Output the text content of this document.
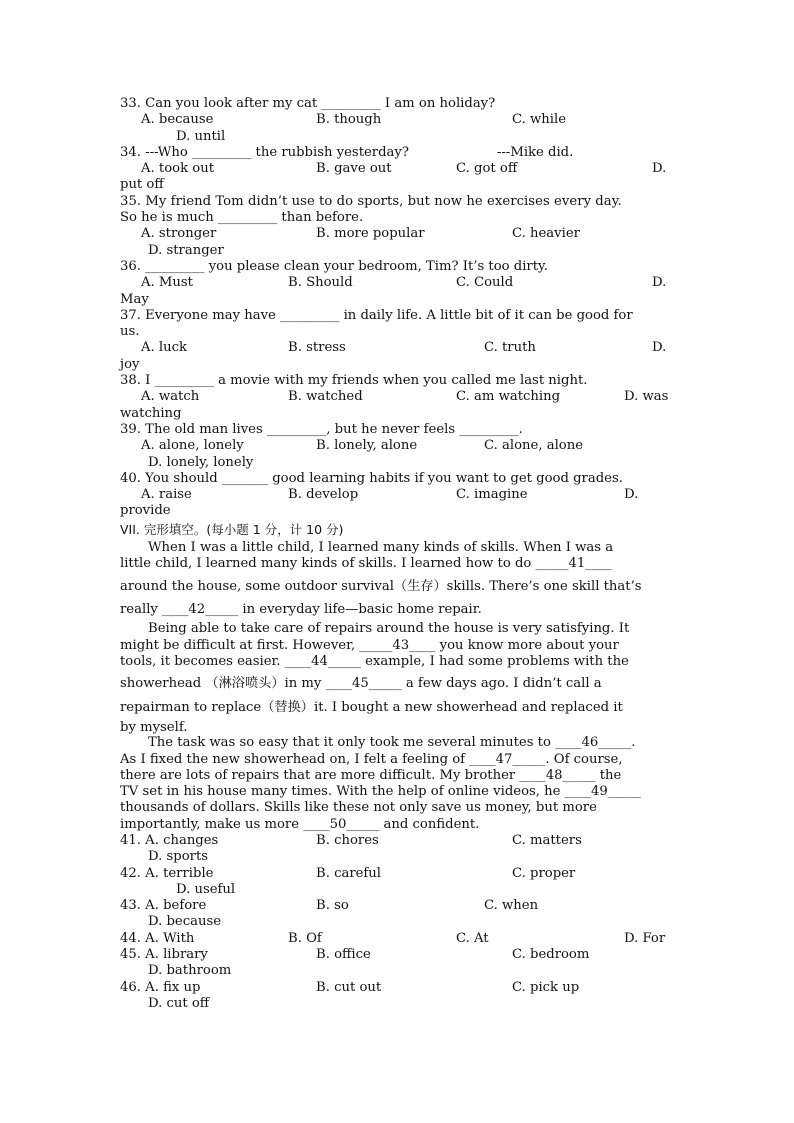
33. Can you look after my cat _________ I am on holiday?
A. because	B. though	C. while
D. until
34. ---Who _________ the rubbish yesterday?                     ---Mike did.
A. took out	B. gave out	C. got off	D.
put off
35. My friend Tom didn’t use to do sports, but now he exercises every day.
So he is much _________ than before.
A. stronger	B. more popular	C. heavier
D. stranger
36. _________ you please clean your bedroom, Tim? It’s too dirty.
A. Must	B. Should	C. Could	D.
May
37. Everyone may have _________ in daily life. A little bit of it can be good for
us.
A. luck	B. stress	C. truth	D.
joy
38. I _________ a movie with my friends when you called me last night.
A. watch	B. watched	C. am watching	D. was
watching
39. The old man lives _________, but he never feels _________.
A. alone, lonely	B. lonely, alone	C. alone, alone
D. lonely, lonely
40. You should _______ good learning habits if you want to get good grades.
A. raise	B. develop	C. imagine	D.
provide
VII. 完形填空。(每小题 1 分，计 10 分)
When I was a little child, I learned many kinds of skills. When I was a
little child, I learned many kinds of skills. I learned how to do _____41____
around the house, some outdoor survival（生存）skills. There’s one skill that’s
really ____42_____ in everyday life—basic home repair.
Being able to take care of repairs around the house is very satisfying. It
might be difficult at first. However, _____43____ you know more about your
tools, it becomes easier. ____44_____ example, I had some problems with the
showerhead （淋浴喷头）in my ____45_____ a few days ago. I didn’t call a
repairman to replace（替换）it. I bought a new showerhead and replaced it
by myself.
The task was so easy that it only took me several minutes to ____46_____.
As I fixed the new showerhead on, I felt a feeling of ____47_____. Of course,
there are lots of repairs that are more difficult. My brother ____48_____ the
TV set in his house many times. With the help of online videos, he ____49_____
thousands of dollars. Skills like these not only save us money, but more
importantly, make us more ____50_____ and confident.
41. A. changes	B. chores	C. matters
D. sports
42. A. terrible	B. careful	C. proper
D. useful
43. A. before	B. so	C. when
D. because
44. A. With	B. Of	C. At	D. For
45. A. library	B. office	C. bedroom
D. bathroom
46. A. fix up	B. cut out	C. pick up
D. cut off
